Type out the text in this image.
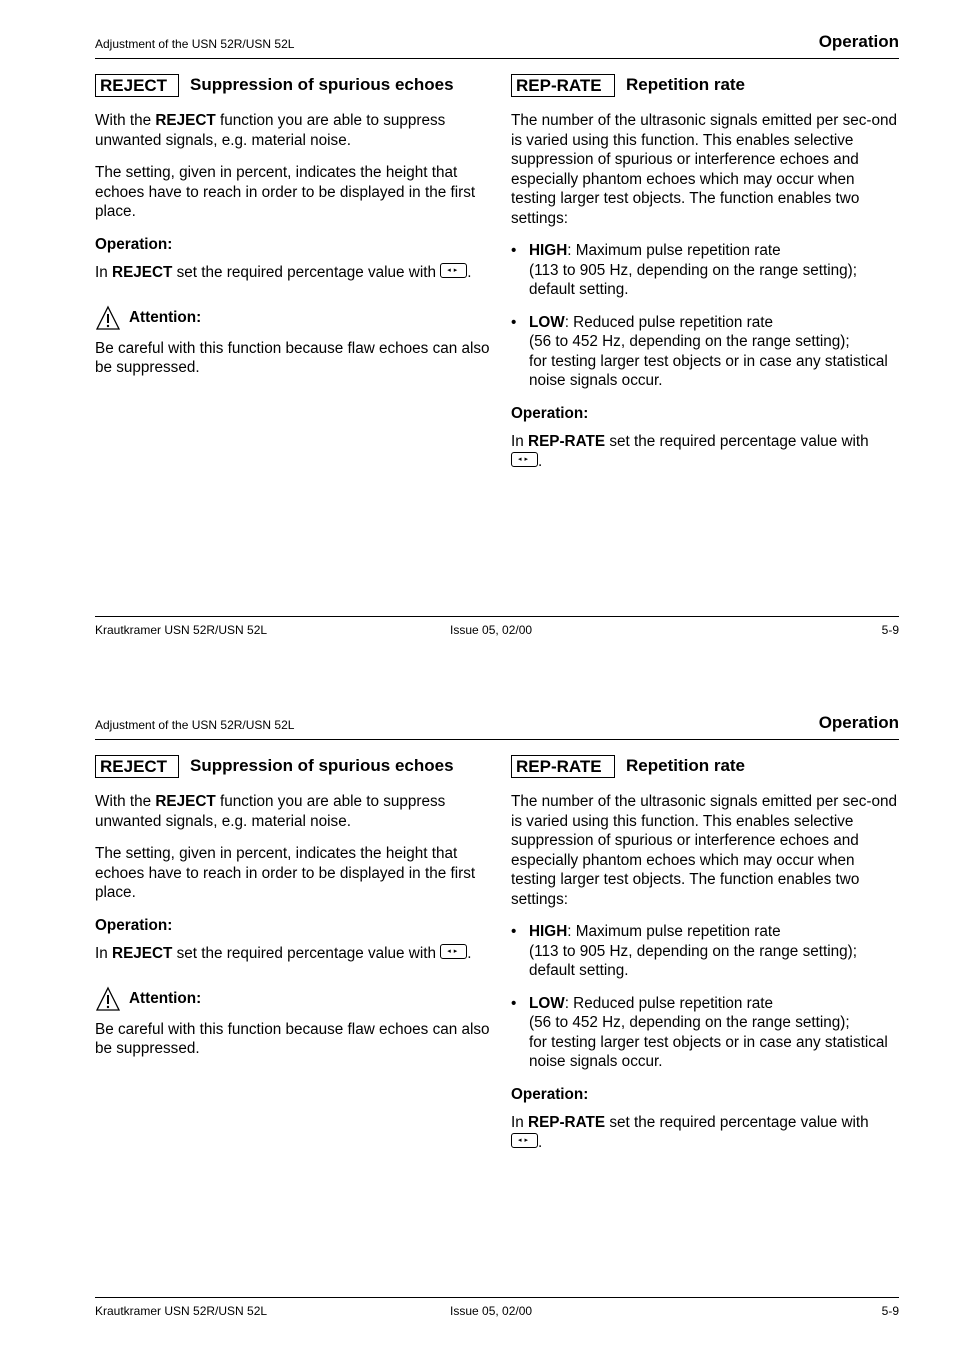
Adjustment of the USN 52R/USN 52L	Operation
REJECT	Suppression of spurious echoes

With the REJECT function you are able to suppress unwanted signals, e.g. material noise.

The setting, given in percent, indicates the height that echoes have to reach in order to be displayed in the first place.

Operation:

In REJECT set the required percentage value with ◂▸ .

Attention:

Be careful with this function because flaw echoes can also be suppressed.

REP-RATE	Repetition rate

The number of the ultrasonic signals emitted per sec-ond is varied using this function. This enables selective suppression of spurious or interference echoes and especially phantom echoes which may occur when testing larger test objects. The function enables two settings:

• HIGH: Maximum pulse repetition rate
(113 to 905 Hz, depending on the range setting);
default setting.
• LOW: Reduced pulse repetition rate
(56 to 452 Hz, depending on the range setting);
for testing larger test objects or in case any statistical noise signals occur.
Operation:

In REP-RATE set the required percentage value with
◂▸ .

Krautkramer USN 52R/USN 52L	Issue 05, 02/00	5-9
Adjustment of the USN 52R/USN 52L	Operation
REJECT	Suppression of spurious echoes

With the REJECT function you are able to suppress unwanted signals, e.g. material noise.

The setting, given in percent, indicates the height that echoes have to reach in order to be displayed in the first place.

Operation:

In REJECT set the required percentage value with ◂▸ .

Attention:

Be careful with this function because flaw echoes can also be suppressed.

REP-RATE	Repetition rate

The number of the ultrasonic signals emitted per sec-ond is varied using this function. This enables selective suppression of spurious or interference echoes and especially phantom echoes which may occur when testing larger test objects. The function enables two settings:

• HIGH: Maximum pulse repetition rate
(113 to 905 Hz, depending on the range setting);
default setting.
• LOW: Reduced pulse repetition rate
(56 to 452 Hz, depending on the range setting);
for testing larger test objects or in case any statistical noise signals occur.
Operation:

In REP-RATE set the required percentage value with
◂▸ .

Krautkramer USN 52R/USN 52L	Issue 05, 02/00	5-9
